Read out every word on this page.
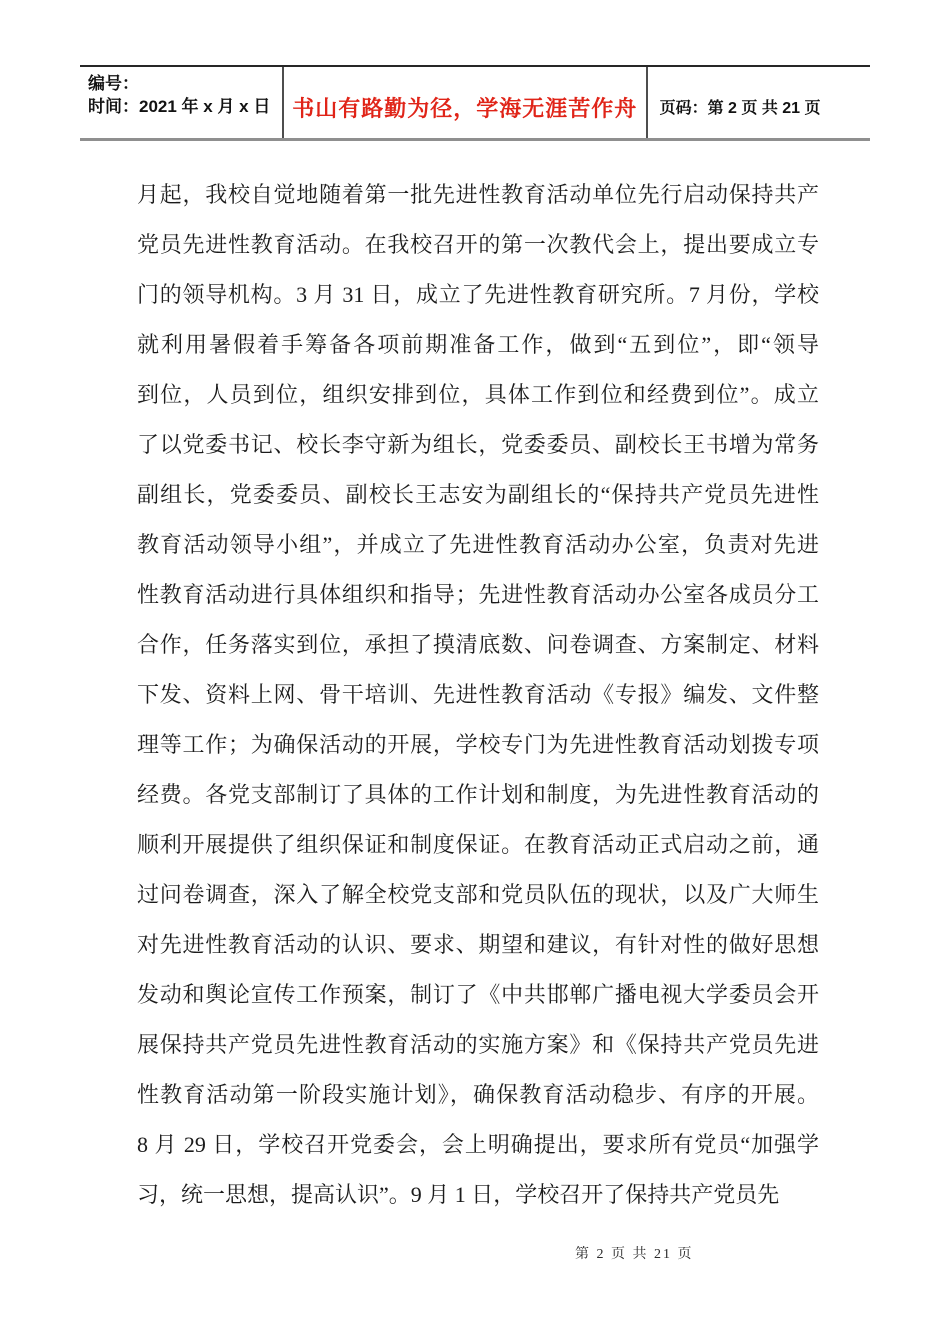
编号：
时间：2021 年 x 月 x 日 书山有路勤为径，学海无涯苦作舟 页码：第 2 页 共 21 页
月起，我校自觉地随着第一批先进性教育活动单位先行启动保持共产
党员先进性教育活动。在我校召开的第一次教代会上，提出要成立专
门的领导机构。3 月 31 日，成立了先进性教育研究所。7 月份，学校
就利用暑假着手筹备各项前期准备工作，做到“五到位”，即“领导
到位，人员到位，组织安排到位，具体工作到位和经费到位”。成立
了以党委书记、校长李守新为组长，党委委员、副校长王书增为常务
副组长，党委委员、副校长王志安为副组长的“保持共产党员先进性
教育活动领导小组”，并成立了先进性教育活动办公室，负责对先进
性教育活动进行具体组织和指导；先进性教育活动办公室各成员分工
合作，任务落实到位，承担了摸清底数、问卷调查、方案制定、材料
下发、资料上网、骨干培训、先进性教育活动《专报》编发、文件整
理等工作；为确保活动的开展，学校专门为先进性教育活动划拨专项
经费。各党支部制订了具体的工作计划和制度，为先进性教育活动的
顺利开展提供了组织保证和制度保证。在教育活动正式启动之前，通
过问卷调查，深入了解全校党支部和党员队伍的现状，以及广大师生
对先进性教育活动的认识、要求、期望和建议，有针对性的做好思想
发动和舆论宣传工作预案，制订了《中共邯郸广播电视大学委员会开
展保持共产党员先进性教育活动的实施方案》和《保持共产党员先进
性教育活动第一阶段实施计划》，确保教育活动稳步、有序的开展。
8 月 29 日，学校召开党委会，会上明确提出，要求所有党员“加强学
习，统一思想，提高认识”。9 月 1 日，学校召开了保持共产党员先
第 2 页 共 21 页
